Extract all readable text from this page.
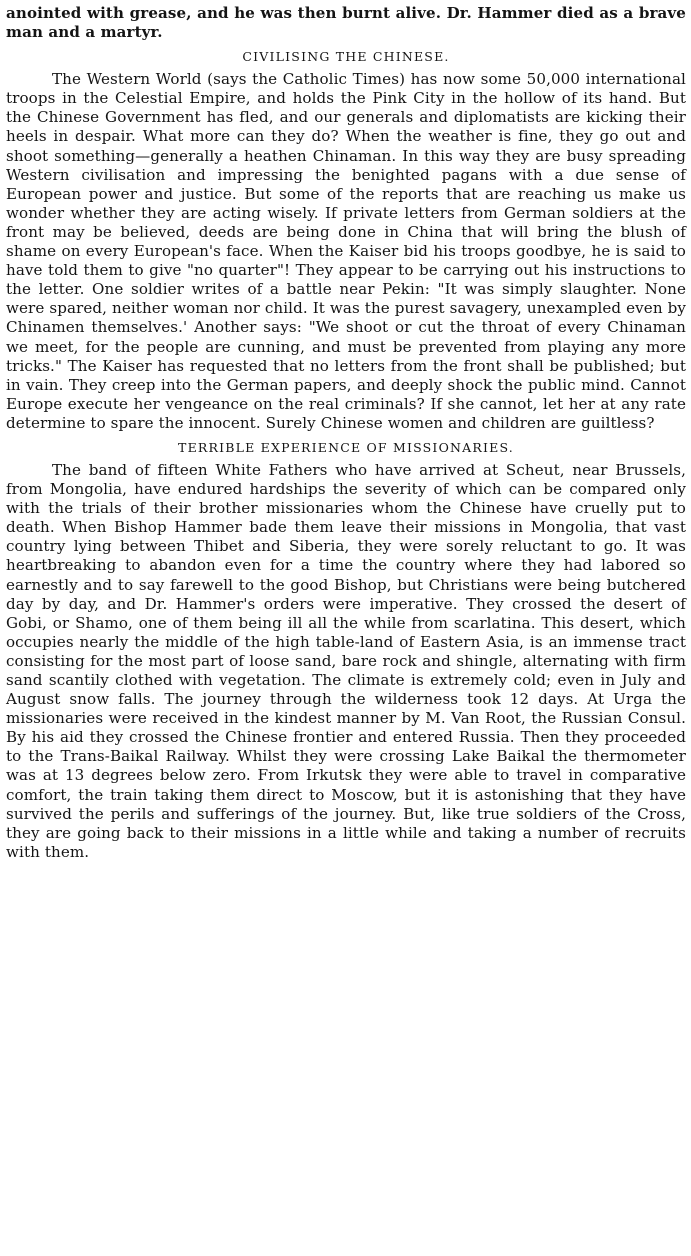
anointed with grease, and he was then burnt alive. Dr. Hammer died as a brave man and a martyr.

CIVILISING THE CHINESE.

The Western World (says the Catholic Times) has now some 50,000 international troops in the Celestial Empire, and holds the Pink City in the hollow of its hand. But the Chinese Government has fled, and our generals and diplomatists are kicking their heels in despair. What more can they do? When the weather is fine, they go out and shoot something—generally a heathen Chinaman. In this way they are busy spreading Western civilisation and impressing the benighted pagans with a due sense of European power and justice. But some of the reports that are reaching us make us wonder whether they are acting wisely. If private letters from German soldiers at the front may be believed, deeds are being done in China that will bring the blush of shame on every European's face. When the Kaiser bid his troops goodbye, he is said to have told them to give "no quarter"! They appear to be carrying out his instructions to the letter. One soldier writes of a battle near Pekin: "It was simply slaughter. None were spared, neither woman nor child. It was the purest savagery, unexampled even by Chinamen themselves.' Another says: "We shoot or cut the throat of every Chinaman we meet, for the people are cunning, and must be prevented from playing any more tricks." The Kaiser has requested that no letters from the front shall be published; but in vain. They creep into the German papers, and deeply shock the public mind. Cannot Europe execute her vengeance on the real criminals? If she cannot, let her at any rate determine to spare the innocent. Surely Chinese women and children are guiltless?

TERRIBLE EXPERIENCE OF MISSIONARIES.

The band of fifteen White Fathers who have arrived at Scheut, near Brussels, from Mongolia, have endured hardships the severity of which can be compared only with the trials of their brother missionaries whom the Chinese have cruelly put to death. When Bishop Hammer bade them leave their missions in Mongolia, that vast country lying between Thibet and Siberia, they were sorely reluctant to go. It was heartbreaking to abandon even for a time the country where they had labored so earnestly and to say farewell to the good Bishop, but Christians were being butchered day by day, and Dr. Hammer's orders were imperative. They crossed the desert of Gobi, or Shamo, one of them being ill all the while from scarlatina. This desert, which occupies nearly the middle of the high table-land of Eastern Asia, is an immense tract consisting for the most part of loose sand, bare rock and shingle, alternating with firm sand scantily clothed with vegetation. The climate is extremely cold; even in July and August snow falls. The journey through the wilderness took 12 days. At Urga the missionaries were received in the kindest manner by M. Van Root, the Russian Consul. By his aid they crossed the Chinese frontier and entered Russia. Then they proceeded to the Trans-Baikal Railway. Whilst they were crossing Lake Baikal the thermometer was at 13 degrees below zero. From Irkutsk they were able to travel in comparative comfort, the train taking them direct to Moscow, but it is astonishing that they have survived the perils and sufferings of the journey. But, like true soldiers of the Cross, they are going back to their missions in a little while and taking a number of recruits with them.
